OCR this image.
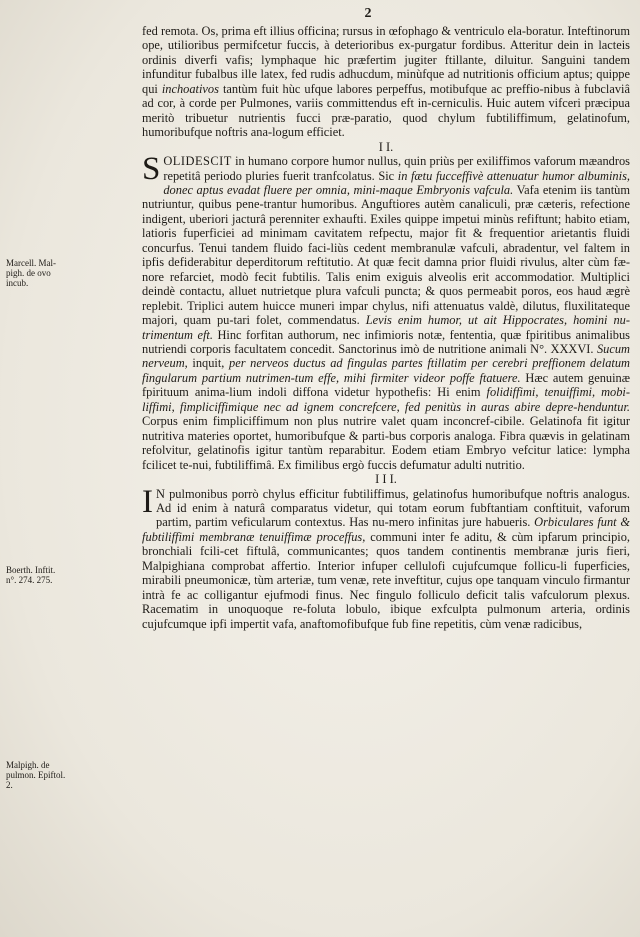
2
Marcell. Mal-
pigh. de ovo
incub.
Boerth. Inftit.
n°. 274. 275.
Malpigh. de
pulmon. Epiftol.
2.

fed remota. Os, prima eft illius officina; rursus in œfophago & ventriculo ela-boratur. Inteftinorum ope, utilioribus permifcetur fuccis, à deterioribus ex-purgatur fordibus. Atteritur dein in lacteis ordinis diverfi vafis; lymphaque hic præfertim jugiter ftillante, diluitur. Sanguini tandem infunditur fubalbus ille latex, fed rudis adhucdum, minùfque ad nutritionis officium aptus; quippe qui inchoativos tantùm fuit hùc ufque labores perpeffus, motibufque ac preffio-nibus à fubclaviâ ad cor, à corde per Pulmones, variis committendus eft in-cerniculis. Huic autem vifceri præcipua meritò tribuetur nutrientis fucci præ-paratio, quod chylum fubtiliffimum, gelatinofum, humoribufque noftris ana-logum efficiet.

I I.

SOLIDESCIT in humano corpore humor nullus, quin priùs per exiliffimos vaforum mæandros repetitâ periodo pluries fuerit tranfcolatus. Sic in fætu fucceffivè attenuatur humor albuminis, donec aptus evadat fluere per omnia, mini-maque Embryonis vafcula. Vafa etenim iis tantùm nutriuntur, quibus pene-trantur humoribus. Anguftiores autèm canaliculi, præ cæteris, refectione indigent, uberiori jacturâ perenniter exhaufti. Exiles quippe impetui minùs refiftunt; habito etiam, latioris fuperficiei ad minimam cavitatem refpectu, major fit & frequentior arietantis fluidi concurfus. Tenui tandem fluido faci-liùs cedent membranulæ vafculi, abradentur, vel faltem in ipfis defiderabitur deperditorum reftitutio. At quæ fecit damna prior fluidi rivulus, alter cùm fæ-nore refarciet, modò fecit fubtilis. Talis enim exiguis alveolis erit accommodatior. Multiplici deindè contactu, alluet nutrietque plura vafculi puncta; & quos permeabit poros, eos haud ægrè replebit. Triplici autem huicce muneri impar chylus, nifi attenuatus valdè, dilutus, fluxilitateque majori, quam pu-tari folet, commendatus. Levis enim humor, ut ait Hippocrates, homini nu-trimentum eft. Hinc forfitan authorum, nec infimioris notæ, fententia, quæ fpiritibus animalibus nutriendi corporis facultatem concedit. Sanctorinus imò de nutritione animali N°. XXXVI. Sucum nerveum, inquit, per nerveos ductus ad fingulas partes ftillatim per cerebri preffionem delatum fingularum partium nutrimen-tum effe, mihi firmiter videor poffe ftatuere. Hæc autem genuinæ fpirituum anima-lium indoli diffona videtur hypothefis: Hi enim folidiffimi, tenuiffimi, mobi-liffimi, fimpliciffimique nec ad ignem concrefcere, fed penitùs in auras abire depre-henduntur. Corpus enim fimpliciffimum non plus nutrire valet quam inconcref-cibile. Gelatinofa fit igitur nutritiva materies oportet, humoribufque & parti-bus corporis analoga. Fibra quævis in gelatinam refolvitur, gelatinofis igitur tantùm reparabitur. Eodem etiam Embryo vefcitur latice: lympha fcilicet te-nui, fubtiliffimâ. Ex fimilibus ergò fuccis defumatur adulti nutritio.

I I I.

I N pulmonibus porrò chylus efficitur fubtiliffimus, gelatinofus humoribufque noftris analogus. Ad id enim à naturâ comparatus videtur, qui totam eorum fubftantiam conftituit, vaforum partim, partim veficularum contextus. Has nu-mero infinitas jure habueris. Orbiculares funt & fubtiliffimi membranæ tenuiffimæ proceffus, communi inter fe aditu, & cùm ipfarum principio, bronchiali fcili-cet fiftulâ, communicantes; quos tandem continentis membranæ juris fieri, Malpighiana comprobat affertio. Interior infuper cellulofi cujufcumque follicu-li fuperficies, mirabili pneumonicæ, tùm arteriæ, tum venæ, rete inveftitur, cujus ope tanquam vinculo firmantur intrà fe ac colligantur ejufmodi finus. Nec fingulo folliculo deficit talis vafculorum plexus. Racematim in unoquoque re-foluta lobulo, ibique exfculpta pulmonum arteria, ordinis cujufcumque ipfi impertit vafa, anaftomofibufque fub fine repetitis, cùm venæ radicibus,
